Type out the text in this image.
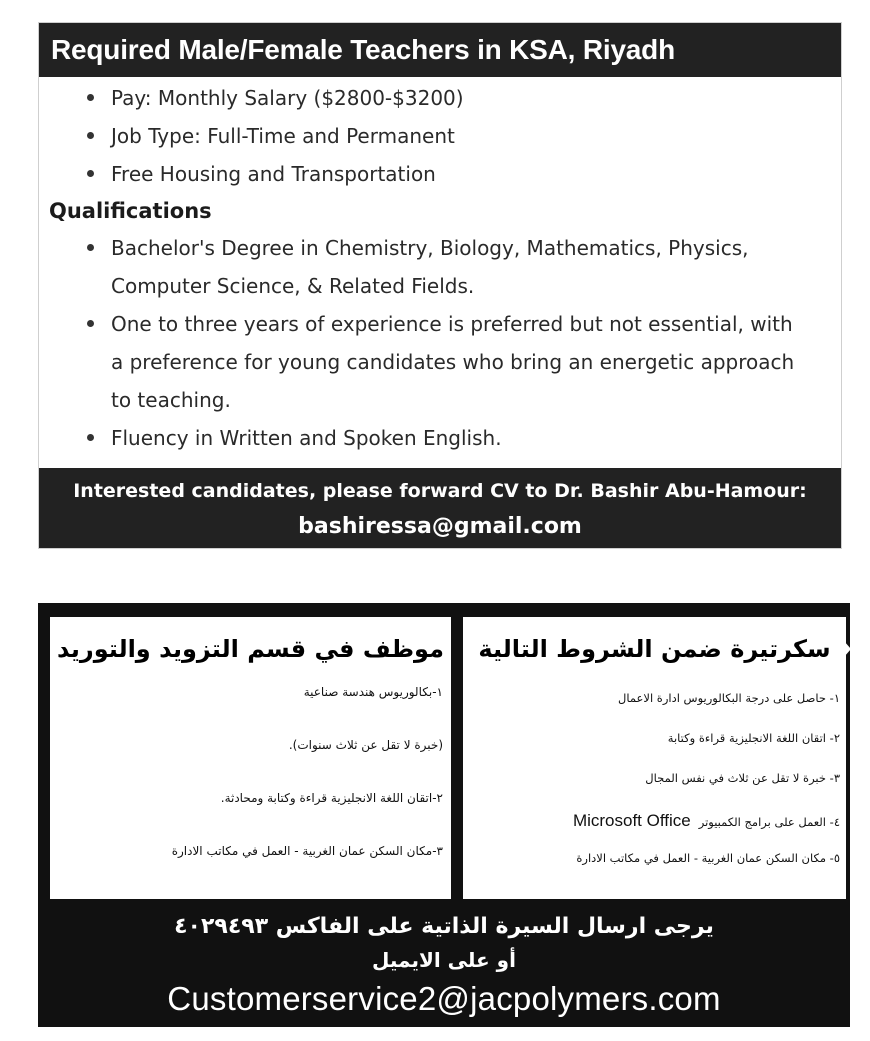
Required Male/Female Teachers in KSA, Riyadh
Pay: Monthly Salary ($2800-$3200)
Job Type: Full-Time and Permanent
Free Housing and Transportation
Qualifications
Bachelor's Degree in Chemistry, Biology, Mathematics, Physics, Computer Science, & Related Fields.
One to three years of experience is preferred but not essential, with a preference for young candidates who bring an energetic approach to teaching.
Fluency in Written and Spoken English.
Interested candidates, please forward CV to Dr. Bashir Abu-Hamour:
bashiressa@gmail.com
موظف في قسم التزويد والتوريد
١-بكالوريوس هندسة صناعية
(خبرة لا تقل عن ثلاث سنوات).
٢-اتقان اللغة الانجليزية قراءة وكتابة ومحادثة.
٣-مكان السكن عمان الغربية - العمل في مكاتب الادارة
سكرتيرة ضمن الشروط التالية
١- حاصل على درجة البكالوريوس ادارة الاعمال
٢- اتقان اللغة الانجليزية قراءة وكتابة
٣- خبرة لا تقل عن ثلاث في نفس المجال
٤- العمل على برامج الكمبيوترMicrosoft Office
٥- مكان السكن عمان الغربية - العمل في مكاتب الادارة
يرجى ارسال السيرة الذاتية على الفاكس ٤٠٢٩٤٩٣
أو على الايميل
Customerservice2@jacpolymers.com
